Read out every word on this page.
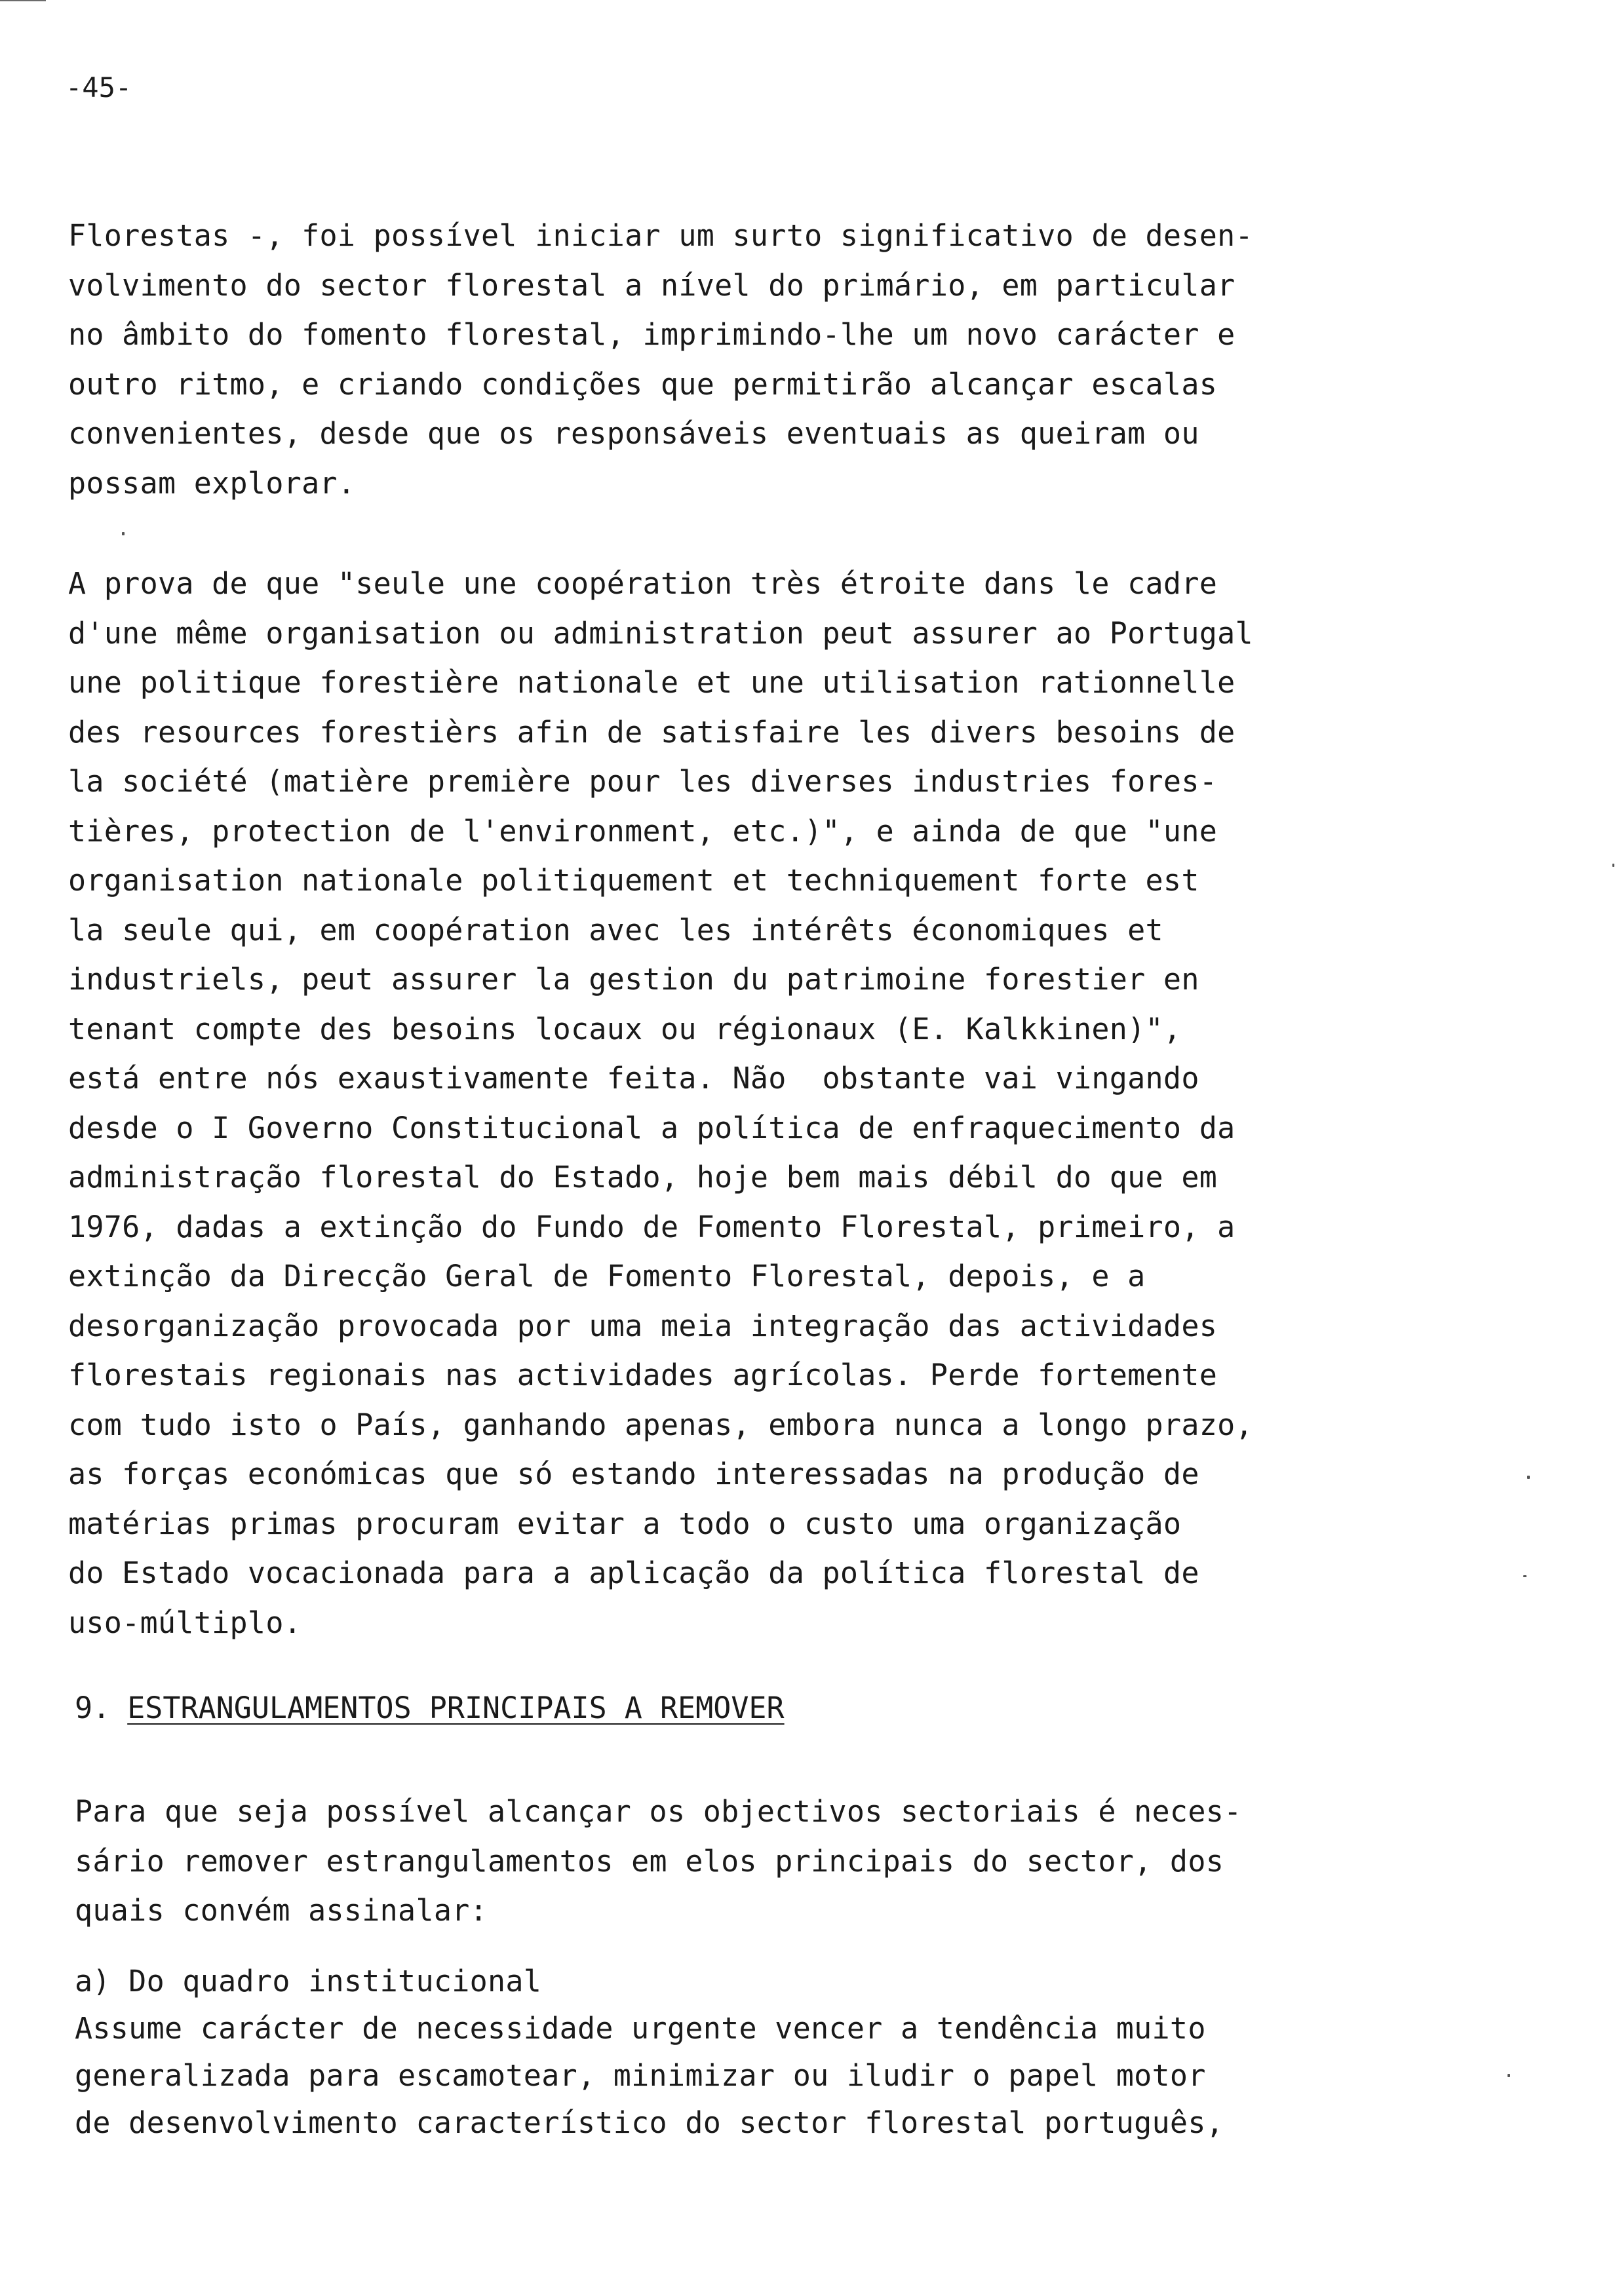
-45-
Florestas -, foi possível iniciar um surto significativo de desen-
volvimento do sector florestal a nível do primário, em particular
no âmbito do fomento florestal, imprimindo-lhe um novo carácter e
outro ritmo, e criando condições que permitirão alcançar escalas
convenientes, desde que os responsáveis eventuais as queiram ou
possam explorar.
A prova de que "seule une coopération très étroite dans le cadre
d'une même organisation ou administration peut assurer ao Portugal
une politique forestière nationale et une utilisation rationnelle
des resources forestièrs afin de satisfaire les divers besoins de
la société (matière première pour les diverses industries fores-
tières, protection de l'environment, etc.)", e ainda de que "une
organisation nationale politiquement et techniquement forte est
la seule qui, em coopération avec les intérêts économiques et
industriels, peut assurer la gestion du patrimoine forestier en
tenant compte des besoins locaux ou régionaux (E. Kalkkinen)",
está entre nós exaustivamente feita. Não  obstante vai vingando
desde o I Governo Constitucional a política de enfraquecimento da
administração florestal do Estado, hoje bem mais débil do que em
1976, dadas a extinção do Fundo de Fomento Florestal, primeiro, a
extinção da Direcção Geral de Fomento Florestal, depois, e a
desorganização provocada por uma meia integração das actividades
florestais regionais nas actividades agrícolas. Perde fortemente
com tudo isto o País, ganhando apenas, embora nunca a longo prazo,
as forças económicas que só estando interessadas na produção de
matérias primas procuram evitar a todo o custo uma organização
do Estado vocacionada para a aplicação da política florestal de
uso-múltiplo.
9. ESTRANGULAMENTOS PRINCIPAIS A REMOVER
Para que seja possível alcançar os objectivos sectoriais é neces-
sário remover estrangulamentos em elos principais do sector, dos
quais convém assinalar:
a) Do quadro institucional
Assume carácter de necessidade urgente vencer a tendência muito
generalizada para escamotear, minimizar ou iludir o papel motor
de desenvolvimento característico do sector florestal português,
